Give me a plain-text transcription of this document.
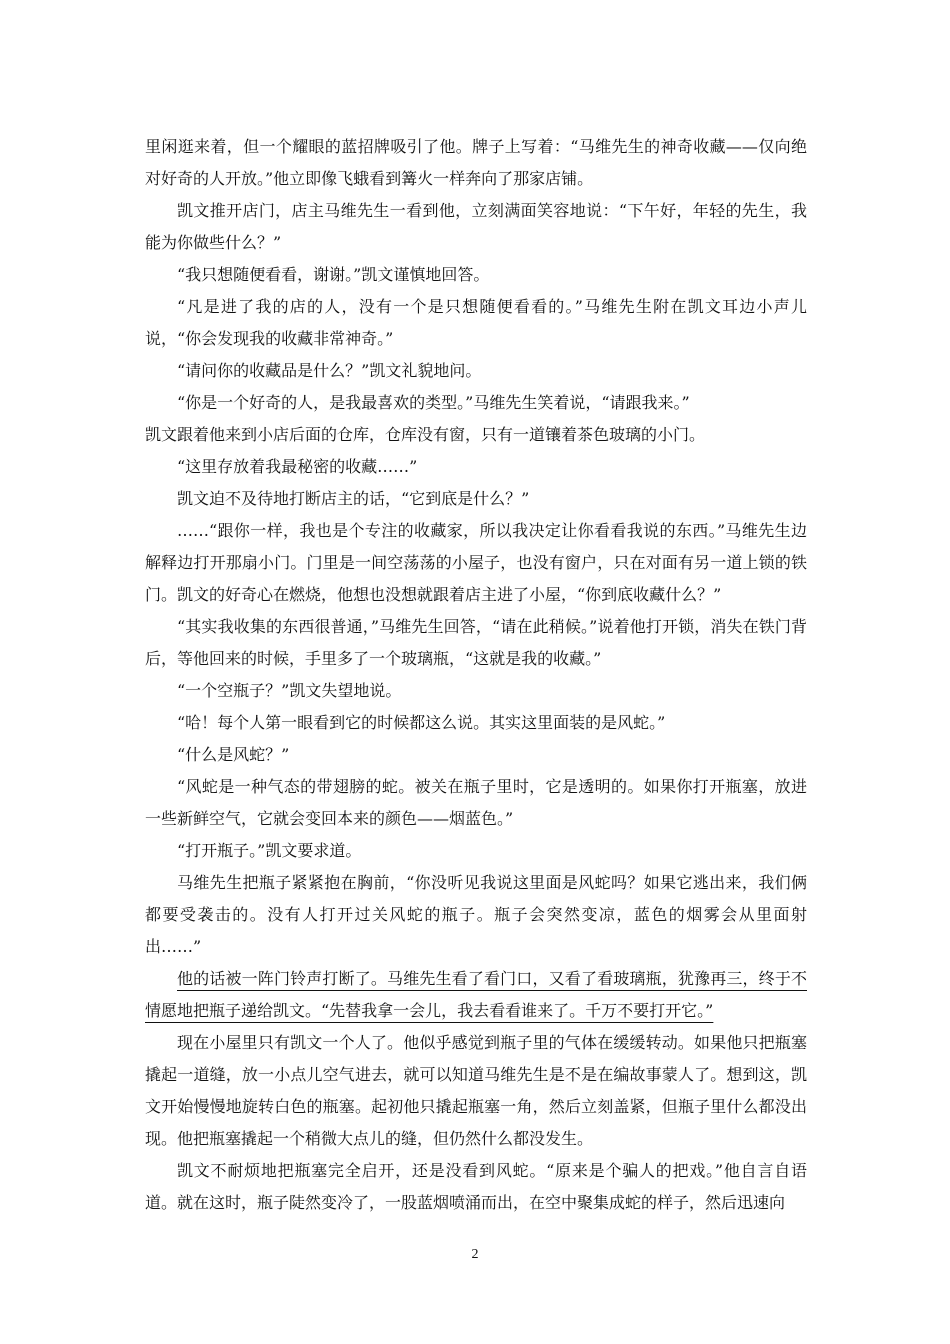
里闲逛来着，但一个耀眼的蓝招牌吸引了他。牌子上写着：“马维先生的神奇收藏——仅向绝对好奇的人开放。”他立即像飞蛾看到篝火一样奔向了那家店铺。

凯文推开店门，店主马维先生一看到他，立刻满面笑容地说：“下午好，年轻的先生，我能为你做些什么？”

“我只想随便看看，谢谢。”凯文谨慎地回答。

“凡是进了我的店的人，没有一个是只想随便看看的。”马维先生附在凯文耳边小声儿说，“你会发现我的收藏非常神奇。”

“请问你的收藏品是什么？”凯文礼貌地问。

“你是一个好奇的人，是我最喜欢的类型。”马维先生笑着说，“请跟我来。”

凯文跟着他来到小店后面的仓库，仓库没有窗，只有一道镶着茶色玻璃的小门。

“这里存放着我最秘密的收藏……”

凯文迫不及待地打断店主的话，“它到底是什么？”

……“跟你一样，我也是个专注的收藏家，所以我决定让你看看我说的东西。”马维先生边解释边打开那扇小门。门里是一间空荡荡的小屋子，也没有窗户，只在对面有另一道上锁的铁门。凯文的好奇心在燃烧，他想也没想就跟着店主进了小屋，“你到底收藏什么？”

“其实我收集的东西很普通，”马维先生回答，“请在此稍候。”说着他打开锁，消失在铁门背后，等他回来的时候，手里多了一个玻璃瓶，“这就是我的收藏。”

“一个空瓶子？”凯文失望地说。

“哈！每个人第一眼看到它的时候都这么说。其实这里面装的是风蛇。”

“什么是风蛇？”

“风蛇是一种气态的带翅膀的蛇。被关在瓶子里时，它是透明的。如果你打开瓶塞，放进一些新鲜空气，它就会变回本来的颜色——烟蓝色。”

“打开瓶子。”凯文要求道。

马维先生把瓶子紧紧抱在胸前，“你没听见我说这里面是风蛇吗？如果它逃出来，我们俩都要受袭击的。没有人打开过关风蛇的瓶子。瓶子会突然变凉，蓝色的烟雾会从里面射出……”

他的话被一阵门铃声打断了。马维先生看了看门口，又看了看玻璃瓶，犹豫再三，终于不情愿地把瓶子递给凯文。“先替我拿一会儿，我去看看谁来了。千万不要打开它。”

现在小屋里只有凯文一个人了。他似乎感觉到瓶子里的气体在缓缓转动。如果他只把瓶塞撬起一道缝，放一小点儿空气进去，就可以知道马维先生是不是在编故事蒙人了。想到这，凯文开始慢慢地旋转白色的瓶塞。起初他只撬起瓶塞一角，然后立刻盖紧，但瓶子里什么都没出现。他把瓶塞撬起一个稍微大点儿的缝，但仍然什么都没发生。

凯文不耐烦地把瓶塞完全启开，还是没看到风蛇。“原来是个骗人的把戏。”他自言自语道。就在这时，瓶子陡然变冷了，一股蓝烟喷涌而出，在空中聚集成蛇的样子，然后迅速向

2
